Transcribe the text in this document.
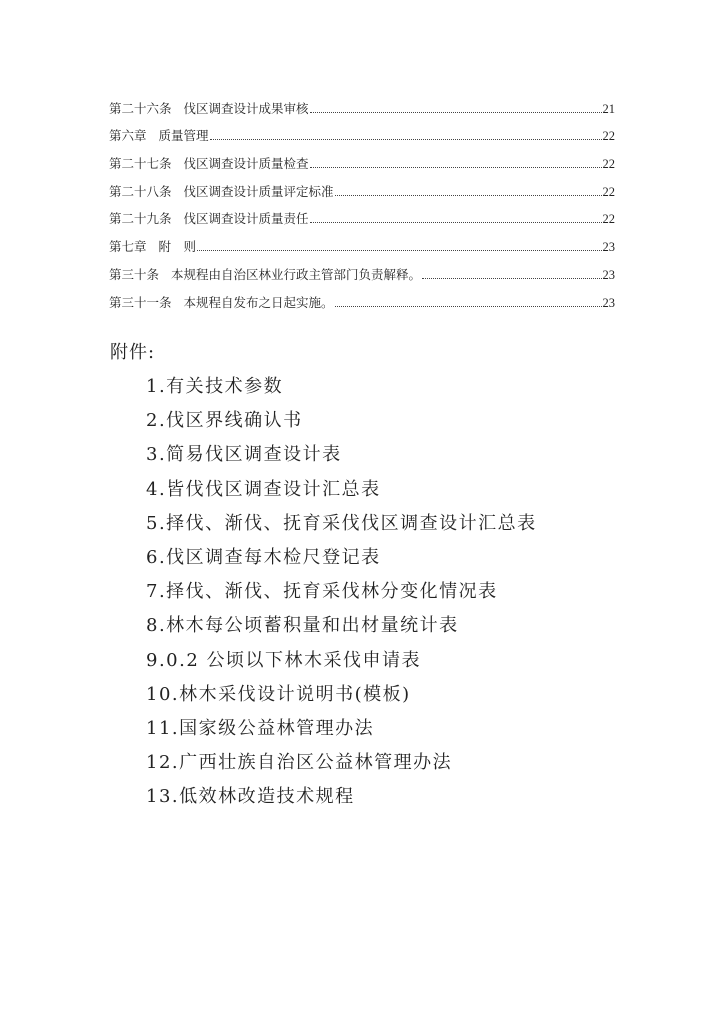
第二十六条 伐区调查设计成果审核	21
第六章 质量管理	22
第二十七条 伐区调查设计质量检查	22
第二十八条 伐区调查设计质量评定标准	22
第二十九条 伐区调查设计质量责任	22
第七章 附　则	23
第三十条 本规程由自治区林业行政主管部门负责解释。	23
第三十一条 本规程自发布之日起实施。	23
附件:
1.有关技术参数
2.伐区界线确认书
3.简易伐区调查设计表
4.皆伐伐区调查设计汇总表
5.择伐、渐伐、抚育采伐伐区调查设计汇总表
6.伐区调查每木检尺登记表
7.择伐、渐伐、抚育采伐林分变化情况表
8.林木每公顷蓄积量和出材量统计表
9.0.2 公顷以下林木采伐申请表
10.林木采伐设计说明书(模板)
11.国家级公益林管理办法
12.广西壮族自治区公益林管理办法
13.低效林改造技术规程
